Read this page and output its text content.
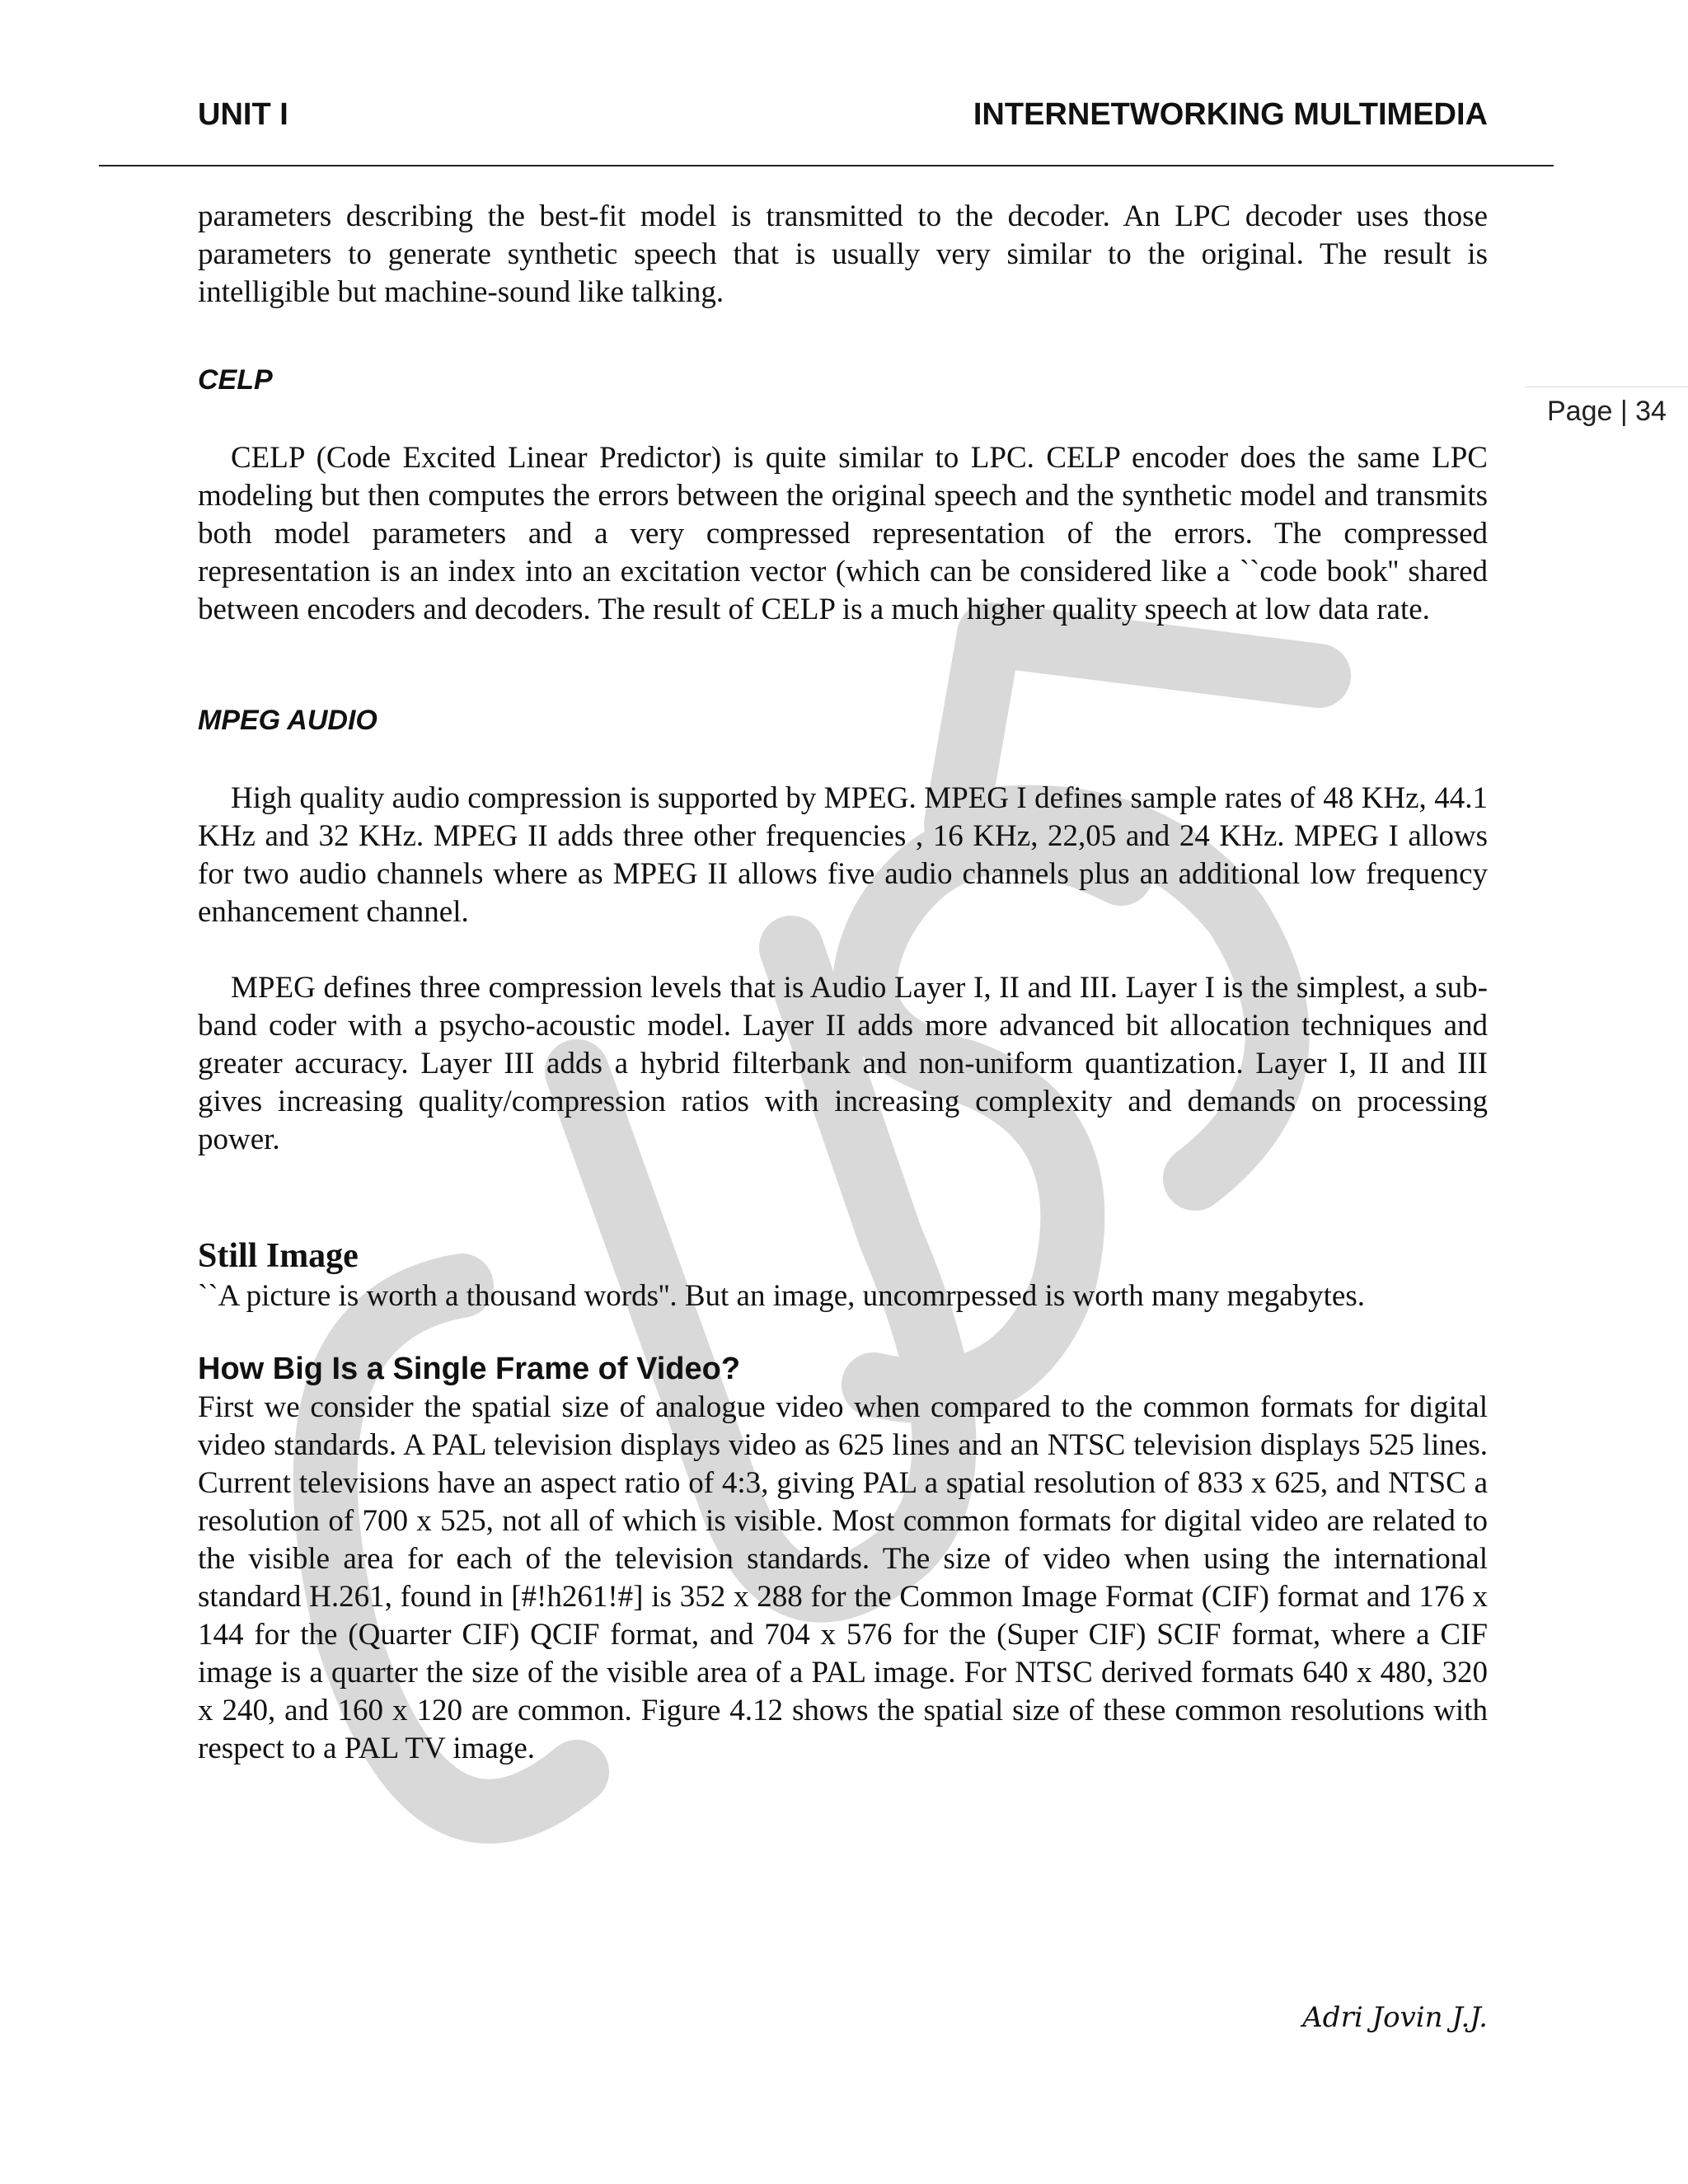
UNIT I	INTERNETWORKING MULTIMEDIA
Page | 34

parameters describing the best-fit model is transmitted to the decoder. An LPC decoder uses those parameters to generate synthetic speech that is usually very similar to the original. The result is intelligible but machine-sound like talking.

CELP

CELP (Code Excited Linear Predictor) is quite similar to LPC. CELP encoder does the same LPC modeling but then computes the errors between the original speech and the synthetic model and transmits both model parameters and a very compressed representation of the errors. The compressed representation is an index into an excitation vector (which can be considered like a ``code book'' shared between encoders and decoders. The result of CELP is a much higher quality speech at low data rate.

MPEG AUDIO

High quality audio compression is supported by MPEG. MPEG I defines sample rates of 48 KHz, 44.1 KHz and 32 KHz. MPEG II adds three other frequencies , 16 KHz, 22,05 and 24 KHz. MPEG I allows for two audio channels where as MPEG II allows five audio channels plus an additional low frequency enhancement channel.

MPEG defines three compression levels that is Audio Layer I, II and III. Layer I is the simplest, a sub-band coder with a psycho-acoustic model. Layer II adds more advanced bit allocation techniques and greater accuracy. Layer III adds a hybrid filterbank and non-uniform quantization. Layer I, II and III gives increasing quality/compression ratios with increasing complexity and demands on processing power.

Still Image

``A picture is worth a thousand words''. But an image, uncomrpessed is worth many megabytes.

How Big Is a Single Frame of Video?

First we consider the spatial size of analogue video when compared to the common formats for digital video standards. A PAL television displays video as 625 lines and an NTSC television displays 525 lines. Current televisions have an aspect ratio of 4:3, giving PAL a spatial resolution of 833 x 625, and NTSC a resolution of 700 x 525, not all of which is visible. Most common formats for digital video are related to the visible area for each of the television standards. The size of video when using the international standard H.261, found in [#!h261!#] is 352 x 288 for the Common Image Format (CIF) format and 176 x 144 for the (Quarter CIF) QCIF format, and 704 x 576 for the (Super CIF) SCIF format, where a CIF image is a quarter the size of the visible area of a PAL image. For NTSC derived formats 640 x 480, 320 x 240, and 160 x 120 are common. Figure 4.12 shows the spatial size of these common resolutions with respect to a PAL TV image.

Adri Jovin J.J.
